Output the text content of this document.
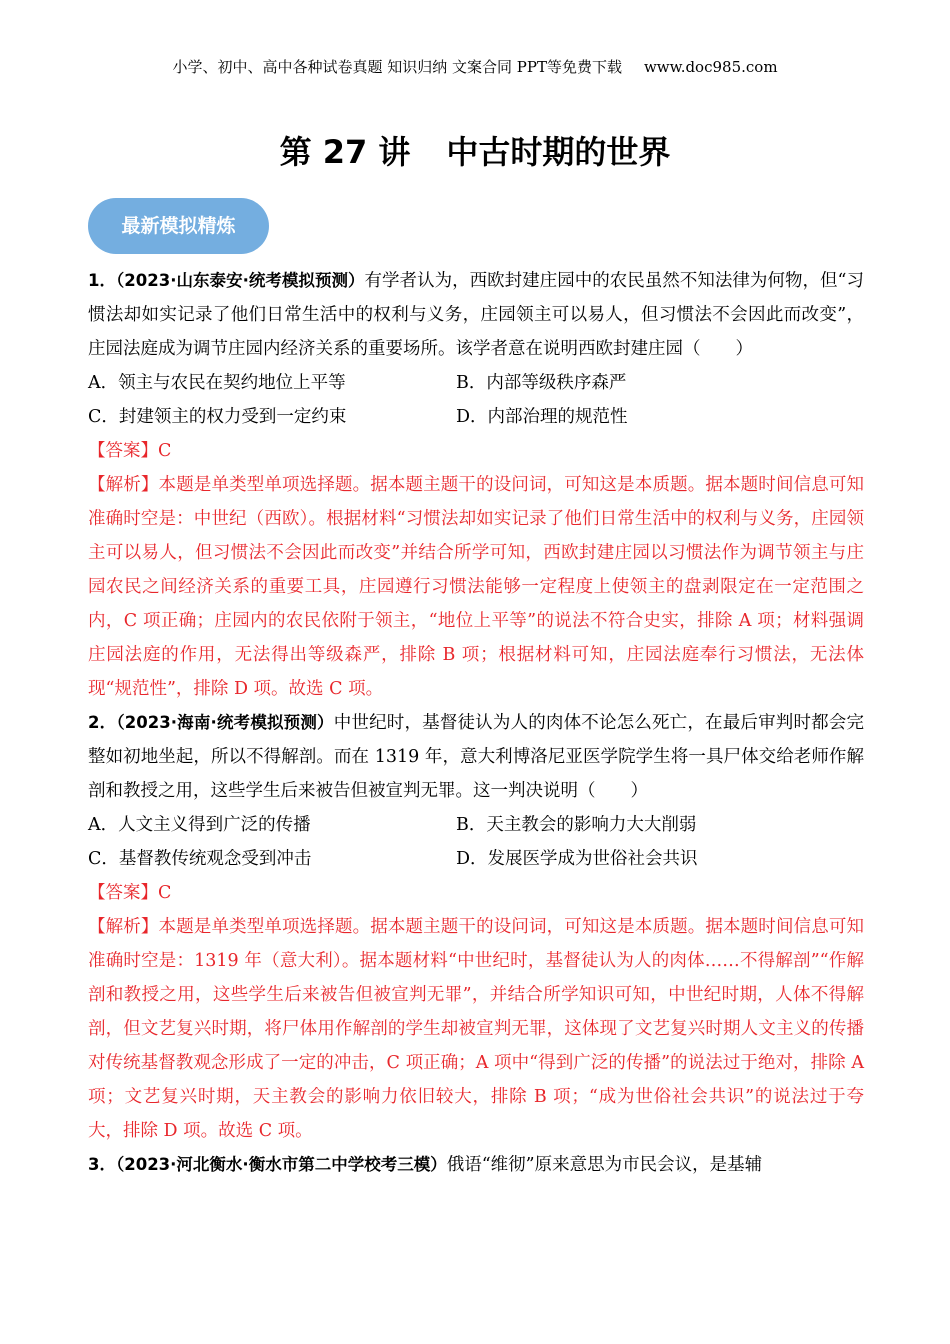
小学、初中、高中各种试卷真题 知识归纳 文案合同 PPT等免费下载 www.doc985.com
第 27 讲 中古时期的世界
最新模拟精炼

1．（2023·山东泰安·统考模拟预测）有学者认为，西欧封建庄园中的农民虽然不知法律为何物，但“习惯法却如实记录了他们日常生活中的权利与义务，庄园领主可以易人，但习惯法不会因此而改变”，庄园法庭成为调节庄园内经济关系的重要场所。该学者意在说明西欧封建庄园（　　）

A．领主与农民在契约地位上平等	B．内部等级秩序森严
C．封建领主的权力受到一定约束	D．内部治理的规范性

【答案】C

【解析】本题是单类型单项选择题。据本题主题干的设问词，可知这是本质题。据本题时间信息可知准确时空是：中世纪（西欧）。根据材料“习惯法却如实记录了他们日常生活中的权利与义务，庄园领主可以易人，但习惯法不会因此而改变”并结合所学可知，西欧封建庄园以习惯法作为调节领主与庄园农民之间经济关系的重要工具，庄园遵行习惯法能够一定程度上使领主的盘剥限定在一定范围之内，C 项正确；庄园内的农民依附于领主，“地位上平等”的说法不符合史实，排除 A 项；材料强调庄园法庭的作用，无法得出等级森严，排除 B 项；根据材料可知，庄园法庭奉行习惯法，无法体现“规范性”，排除 D 项。故选 C 项。

2．（2023·海南·统考模拟预测）中世纪时，基督徒认为人的肉体不论怎么死亡，在最后审判时都会完整如初地坐起，所以不得解剖。而在 1319 年，意大利博洛尼亚医学院学生将一具尸体交给老师作解剖和教授之用，这些学生后来被告但被宣判无罪。这一判决说明（　　）

A．人文主义得到广泛的传播	B．天主教会的影响力大大削弱
C．基督教传统观念受到冲击	D．发展医学成为世俗社会共识

【答案】C

【解析】本题是单类型单项选择题。据本题主题干的设问词，可知这是本质题。据本题时间信息可知准确时空是：1319 年（意大利）。据本题材料“中世纪时，基督徒认为人的肉体……不得解剖”“作解剖和教授之用，这些学生后来被告但被宣判无罪”，并结合所学知识可知，中世纪时期，人体不得解剖，但文艺复兴时期，将尸体用作解剖的学生却被宣判无罪，这体现了文艺复兴时期人文主义的传播对传统基督教观念形成了一定的冲击，C 项正确；A 项中“得到广泛的传播”的说法过于绝对，排除 A 项；文艺复兴时期，天主教会的影响力依旧较大，排除 B 项；“成为世俗社会共识”的说法过于夸大，排除 D 项。故选 C 项。

3．（2023·河北衡水·衡水市第二中学校考三模）俄语“维彻”原来意思为市民会议，是基辅
